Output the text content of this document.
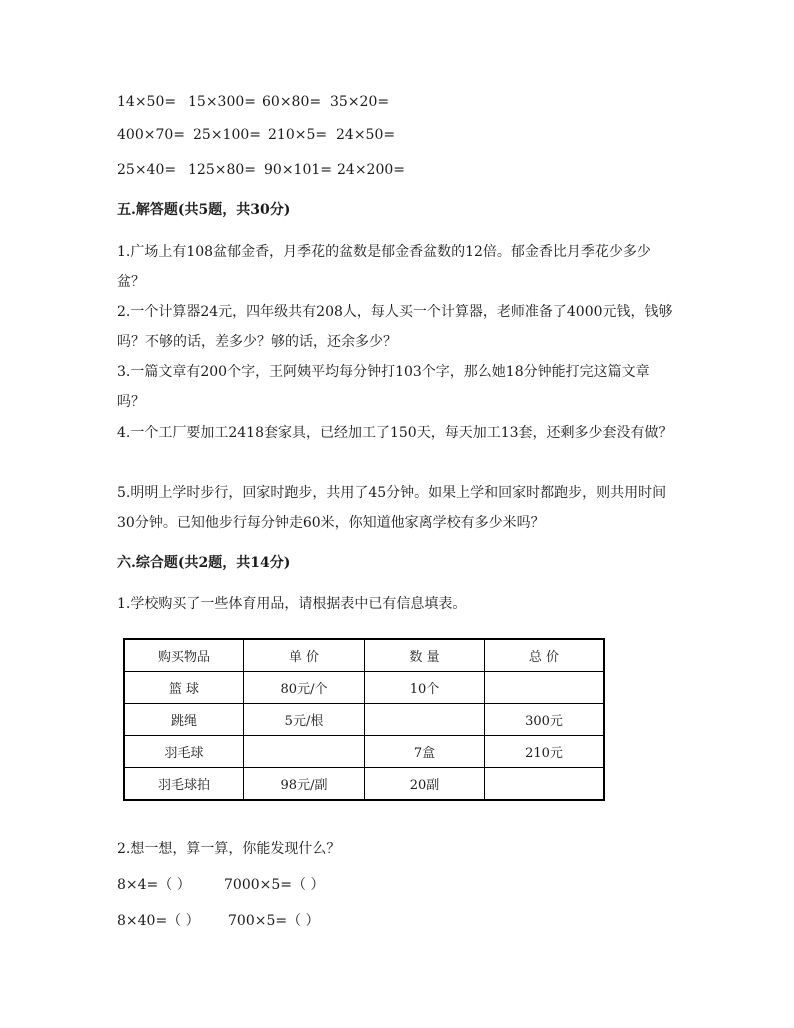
14×50= 15×300= 60×80= 35×20=
400×70= 25×100= 210×5= 24×50=
25×40= 125×80= 90×101= 24×200=
五.解答题(共5题，共30分)
1.广场上有108盆郁金香，月季花的盆数是郁金香盆数的12倍。郁金香比月季花少多少盆？
2.一个计算器24元，四年级共有208人，每人买一个计算器，老师准备了4000元钱，钱够吗？不够的话，差多少？够的话，还余多少？
3.一篇文章有200个字，王阿姨平均每分钟打103个字，那么她18分钟能打完这篇文章吗？
4.一个工厂要加工2418套家具，已经加工了150天，每天加工13套，还剩多少套没有做？
5.明明上学时步行，回家时跑步，共用了45分钟。如果上学和回家时都跑步，则共用时间30分钟。已知他步行每分钟走60米，你知道他家离学校有多少米吗？
六.综合题(共2题，共14分)
1.学校购买了一些体育用品，请根据表中已有信息填表。
购买物品	单 价	数 量	总 价
篮 球	80元/个	10个	
跳绳	5元/根		300元
羽毛球		7盒	210元
羽毛球拍	98元/副	20副	
2.想一想，算一算，你能发现什么？
8×4=（ ） 7000×5=（ ）
8×40=（ ） 700×5=（ ）
